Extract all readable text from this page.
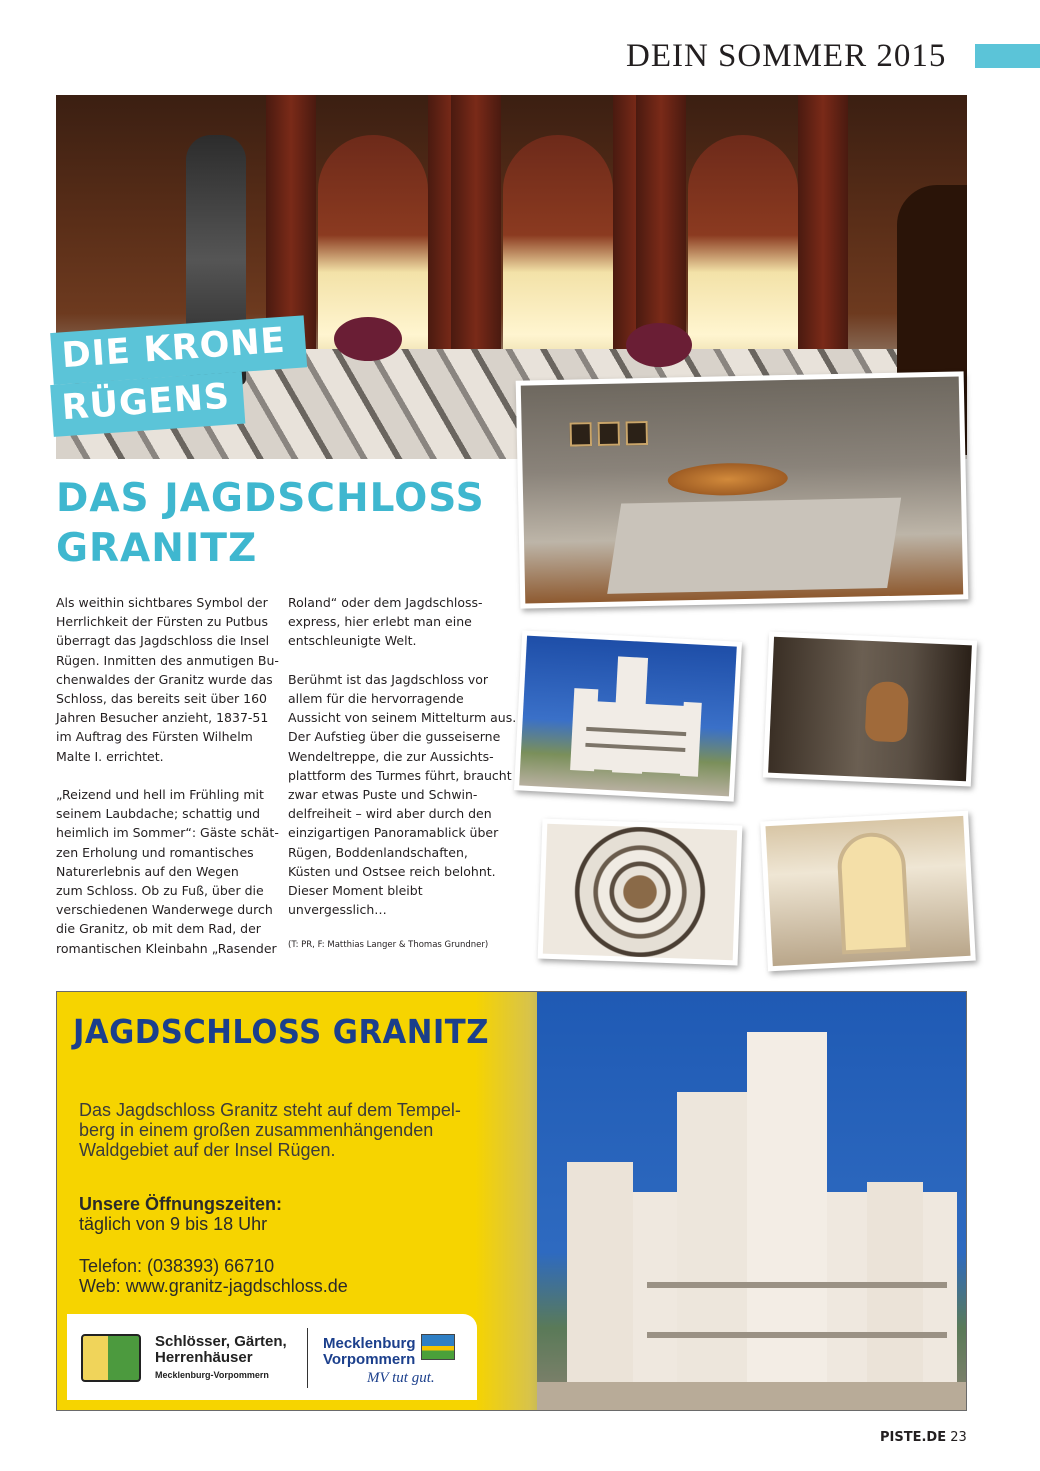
DEIN SOMMER 2015
DIE KRONE
RÜGENS
DAS JAGDSCHLOSS
GRANITZ

Als weithin sichtbares Symbol der

Herrlichkeit der Fürsten zu Putbus

überragt das Jagdschloss die Insel

Rügen. Inmitten des anmutigen Bu-

chenwaldes der Granitz wurde das

Schloss, das bereits seit über 160

Jahren Besucher anzieht, 1837-51

im Auftrag des Fürsten Wilhelm

Malte I. errichtet.

„Reizend und hell im Frühling mit

seinem Laubdache; schattig und

heimlich im Sommer“: Gäste schät-

zen Erholung und romantisches

Naturerlebnis auf den Wegen

zum Schloss. Ob zu Fuß, über die

verschiedenen Wanderwege durch

die Granitz, ob mit dem Rad, der

romantischen Kleinbahn „Rasender

Roland“ oder dem Jagdschloss-

express, hier erlebt man eine

entschleunigte Welt.

Berühmt ist das Jagdschloss vor

allem für die hervorragende

Aussicht von seinem Mittelturm aus.

Der Aufstieg über die gusseiserne

Wendeltreppe, die zur Aussichts-

plattform des Turmes führt, braucht

zwar etwas Puste und Schwin-

delfreiheit – wird aber durch den

einzigartigen Panoramablick über

Rügen, Boddenlandschaften,

Küsten und Ostsee reich belohnt.

Dieser Moment bleibt

unvergesslich…

(T: PR, F: Matthias Langer & Thomas Grundner)
JAGDSCHLOSS GRANITZ
Das Jagdschloss Granitz steht auf dem Tempel-
berg in einem großen zusammenhängenden
Waldgebiet auf der Insel Rügen.
Unsere Öffnungszeiten:
täglich von 9 bis 18 Uhr
Telefon: (038393) 66710
Web: www.granitz-jagdschloss.de
Schlösser, Gärten,
Herrenhäuser
Mecklenburg-Vorpommern
Mecklenburg
Vorpommern
MV tut gut.
PISTE.DE 23
